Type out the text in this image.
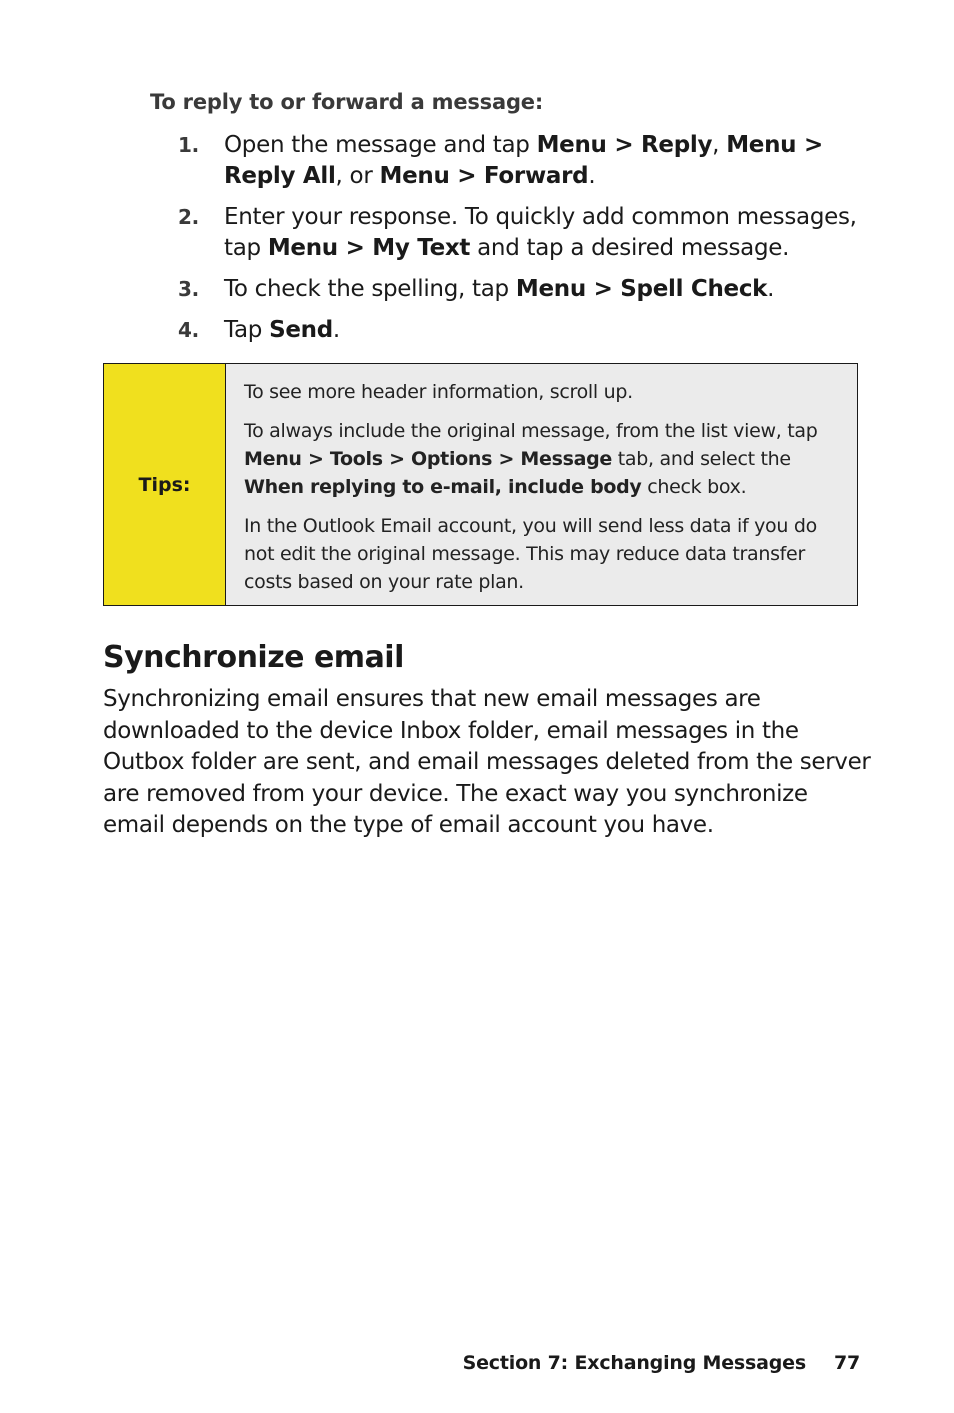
To reply to or forward a message:
1.	Open the message and tap Menu > Reply, Menu > Reply All, or Menu > Forward.
2.	Enter your response. To quickly add common messages, tap Menu > My Text and tap a desired message.
3.	To check the spelling, tap Menu > Spell Check.
4.	Tap Send.
Tips:

To see more header information, scroll up.

To always include the original message, from the list view, tap Menu > Tools > Options > Message tab, and select the When replying to e-mail, include body check box.

In the Outlook Email account, you will send less data if you do not edit the original message. This may reduce data transfer costs based on your rate plan.

Synchronize email
Synchronizing email ensures that new email messages are downloaded to the device Inbox folder, email messages in the Outbox folder are sent, and email messages deleted from the server are removed from your device. The exact way you synchronize email depends on the type of email account you have.
Section 7: Exchanging Messages 77
